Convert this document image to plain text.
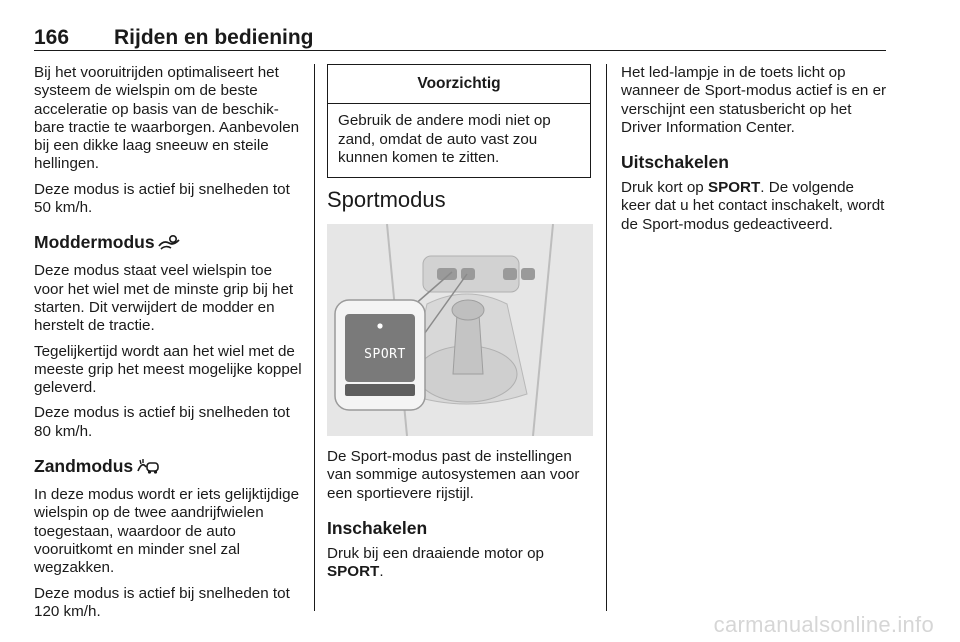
166 Rijden en bediening

Bij het vooruitrijden optimaliseert het systeem de wielspin om de beste acceleratie op basis van de beschikbare tractie te waarborgen. Aanbevolen bij een dikke laag sneeuw en steile hellingen.

Deze modus is actief bij snelheden tot 50 km/h.

Moddermodus

Deze modus staat veel wielspin toe voor het wiel met de minste grip bij het starten. Dit verwijdert de modder en herstelt de tractie.

Tegelijkertijd wordt aan het wiel met de meeste grip het meest mogelijke koppel geleverd.

Deze modus is actief bij snelheden tot 80 km/h.

Zandmodus

In deze modus wordt er iets gelijktijdige wielspin op de twee aandrijfwielen toegestaan, waardoor de auto vooruitkomt en minder snel zal wegzakken.

Deze modus is actief bij snelheden tot 120 km/h.

Voorzichtig
Gebruik de andere modi niet op zand, omdat de auto vast zou kunnen komen te zitten.
Sportmodus
SPORT

De Sport-modus past de instellingen van sommige autosystemen aan voor een sportievere rijstijl.

Inschakelen

Druk bij een draaiende motor op SPORT.

Het led-lampje in de toets licht op wanneer de Sport-modus actief is en er verschijnt een statusbericht op het Driver Information Center.

Uitschakelen

Druk kort op SPORT. De volgende keer dat u het contact inschakelt, wordt de Sport-modus gedeactiveerd.

carmanualsonline.info
